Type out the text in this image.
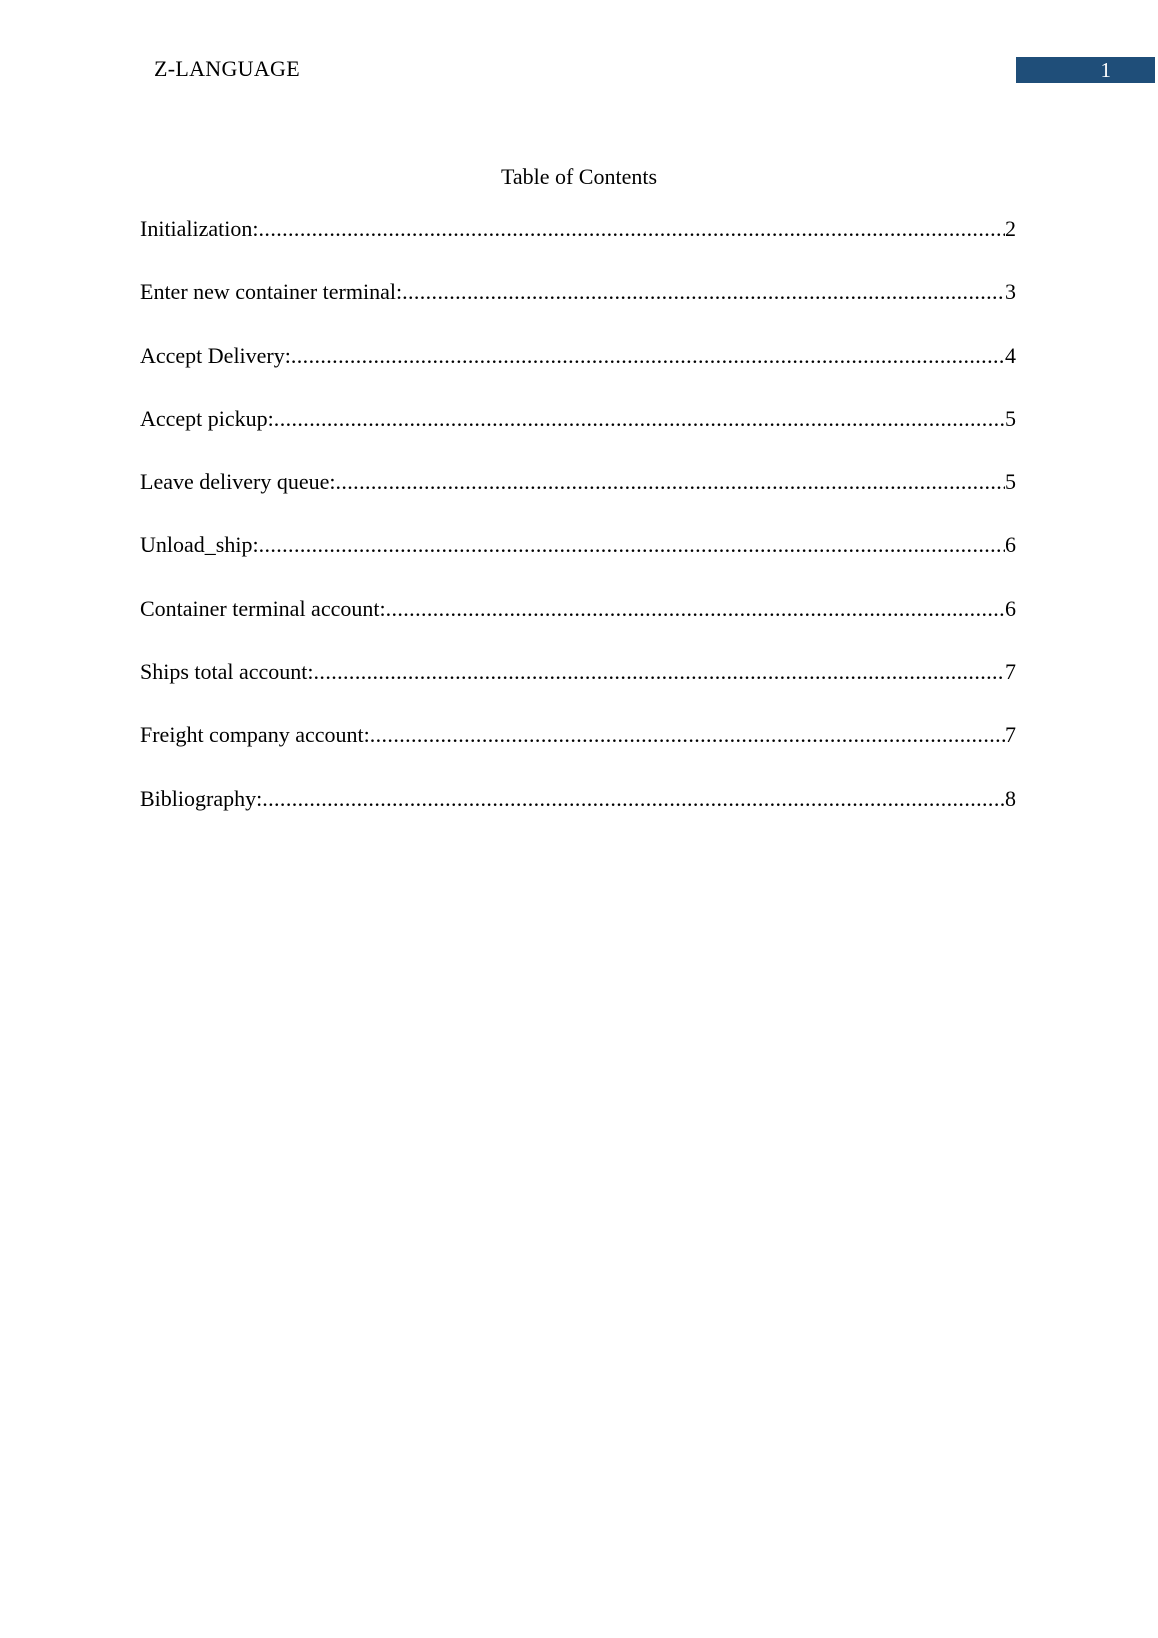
Z-LANGUAGE	1
Table of Contents
Initialization: .....	2
Enter new container terminal: .....	3
Accept Delivery: .....	4
Accept pickup: .....	5
Leave delivery queue: .....	5
Unload_ship: .....	6
Container terminal account: .....	6
Ships total account: .....	7
Freight company account: .....	7
Bibliography: .....	8
